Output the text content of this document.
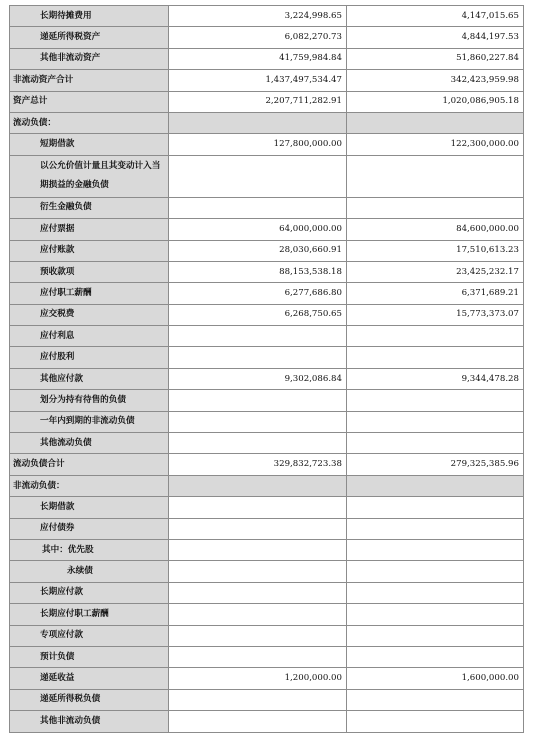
长期待摊费用	3,224,998.65	4,147,015.65
递延所得税资产	6,082,270.73	4,844,197.53
其他非流动资产	41,759,984.84	51,860,227.84
非流动资产合计	1,437,497,534.47	342,423,959.98
资产总计	2,207,711,282.91	1,020,086,905.18
流动负债：		
短期借款	127,800,000.00	122,300,000.00
以公允价值计量且其变动计入当期损益的金融负债		
衍生金融负债		
应付票据	64,000,000.00	84,600,000.00
应付账款	28,030,660.91	17,510,613.23
预收款项	88,153,538.18	23,425,232.17
应付职工薪酬	6,277,686.80	6,371,689.21
应交税费	6,268,750.65	15,773,373.07
应付利息		
应付股利		
其他应付款	9,302,086.84	9,344,478.28
划分为持有待售的负债		
一年内到期的非流动负债		
其他流动负债		
流动负债合计	329,832,723.38	279,325,385.96
非流动负债：		
长期借款		
应付债券		
其中：优先股		
永续债		
长期应付款		
长期应付职工薪酬		
专项应付款		
预计负债		
递延收益	1,200,000.00	1,600,000.00
递延所得税负债		
其他非流动负债		
